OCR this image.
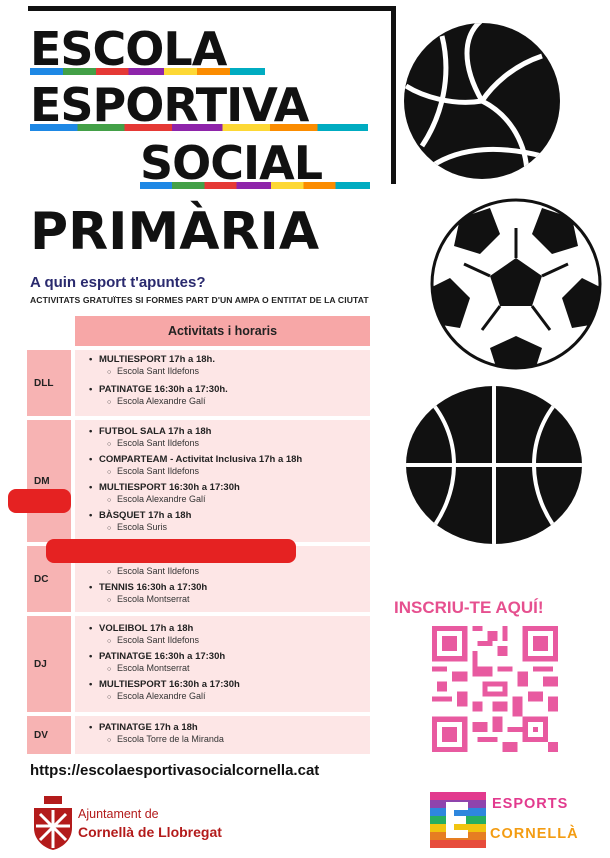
ESCOLA
ESPORTIVA
SOCIAL
PRIMÀRIA
A quin esport t'apuntes?
ACTIVITATS GRATUÏTES SI FORMES PART D'UN AMPA O ENTITAT DE LA CIUTAT
Activitats i horaris
DLL
• MULTIESPORT 17h a 18h.
○ Escola Sant Ildefons
• PATINATGE 16:30h a 17:30h.
○ Escola Alexandre Galí
DM
• FUTBOL SALA 17h a 18h
○ Escola Sant Ildefons
• COMPARTEAM - Activitat Inclusiva 17h a 18h
○ Escola Sant Ildefons
• MULTIESPORT 16:30h a 17:30h
○ Escola Alexandre Galí
• BÀSQUET 17h a 18h
○ Escola Suris
DC
○ Escola Sant Ildefons
• TENNIS 16:30h a 17:30h
○ Escola Montserrat
DJ
• VOLEIBOL 17h a 18h
○ Escola Sant Ildefons
• PATINATGE 16:30h a 17:30h
○ Escola Montserrat
• MULTIESPORT 16:30h a 17:30h
○ Escola Alexandre Galí
DV
• PATINATGE 17h a 18h
○ Escola Torre de la Miranda
INSCRIU-TE AQUÍ!
https://escolaesportivasocialcornella.cat
Ajuntament de
Cornellà de Llobregat
ESPORTS
CORNELLÀ
